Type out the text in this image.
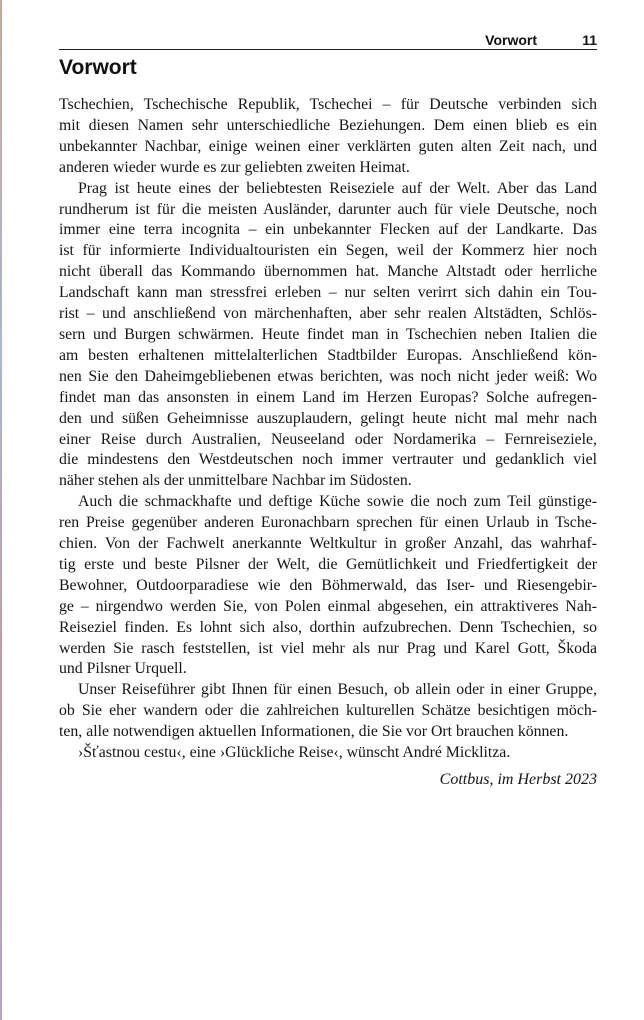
Vorwort	11
Vorwort
Tschechien, Tschechische Republik, Tschechei – für Deutsche verbinden sich
mit diesen Namen sehr unterschiedliche Beziehungen. Dem einen blieb es ein
unbekannter Nachbar, einige weinen einer verklärten guten alten Zeit nach, und
anderen wieder wurde es zur geliebten zweiten Heimat.
Prag ist heute eines der beliebtesten Reiseziele auf der Welt. Aber das Land
rundherum ist für die meisten Ausländer, darunter auch für viele Deutsche, noch
immer eine terra incognita – ein unbekannter Flecken auf der Landkarte. Das
ist für informierte Individualtouristen ein Segen, weil der Kommerz hier noch
nicht überall das Kommando übernommen hat. Manche Altstadt oder herrliche
Landschaft kann man stressfrei erleben – nur selten verirrt sich dahin ein Tou-
rist – und anschließend von märchenhaften, aber sehr realen Altstädten, Schlös-
sern und Burgen schwärmen. Heute findet man in Tschechien neben Italien die
am besten erhaltenen mittelalterlichen Stadtbilder Europas. Anschließend kön-
nen Sie den Daheimgebliebenen etwas berichten, was noch nicht jeder weiß: Wo
findet man das ansonsten in einem Land im Herzen Europas? Solche aufregen-
den und süßen Geheimnisse auszuplaudern, gelingt heute nicht mal mehr nach
einer Reise durch Australien, Neuseeland oder Nordamerika – Fernreiseziele,
die mindestens den Westdeutschen noch immer vertrauter und gedanklich viel
näher stehen als der unmittelbare Nachbar im Südosten.
Auch die schmackhafte und deftige Küche sowie die noch zum Teil günstige-
ren Preise gegenüber anderen Euronachbarn sprechen für einen Urlaub in Tsche-
chien. Von der Fachwelt anerkannte Weltkultur in großer Anzahl, das wahrhaf-
tig erste und beste Pilsner der Welt, die Gemütlichkeit und Friedfertigkeit der
Bewohner, Outdoorparadiese wie den Böhmerwald, das Iser- und Riesengebir-
ge – nirgendwo werden Sie, von Polen einmal abgesehen, ein attraktiveres Nah-
Reiseziel finden. Es lohnt sich also, dorthin aufzubrechen. Denn Tschechien, so
werden Sie rasch feststellen, ist viel mehr als nur Prag und Karel Gott, Škoda
und Pilsner Urquell.
Unser Reiseführer gibt Ihnen für einen Besuch, ob allein oder in einer Gruppe,
ob Sie eher wandern oder die zahlreichen kulturellen Schätze besichtigen möch-
ten, alle notwendigen aktuellen Informationen, die Sie vor Ort brauchen können.
›Šťastnou cestu‹, eine ›Glückliche Reise‹, wünscht André Micklitza.
Cottbus, im Herbst 2023
